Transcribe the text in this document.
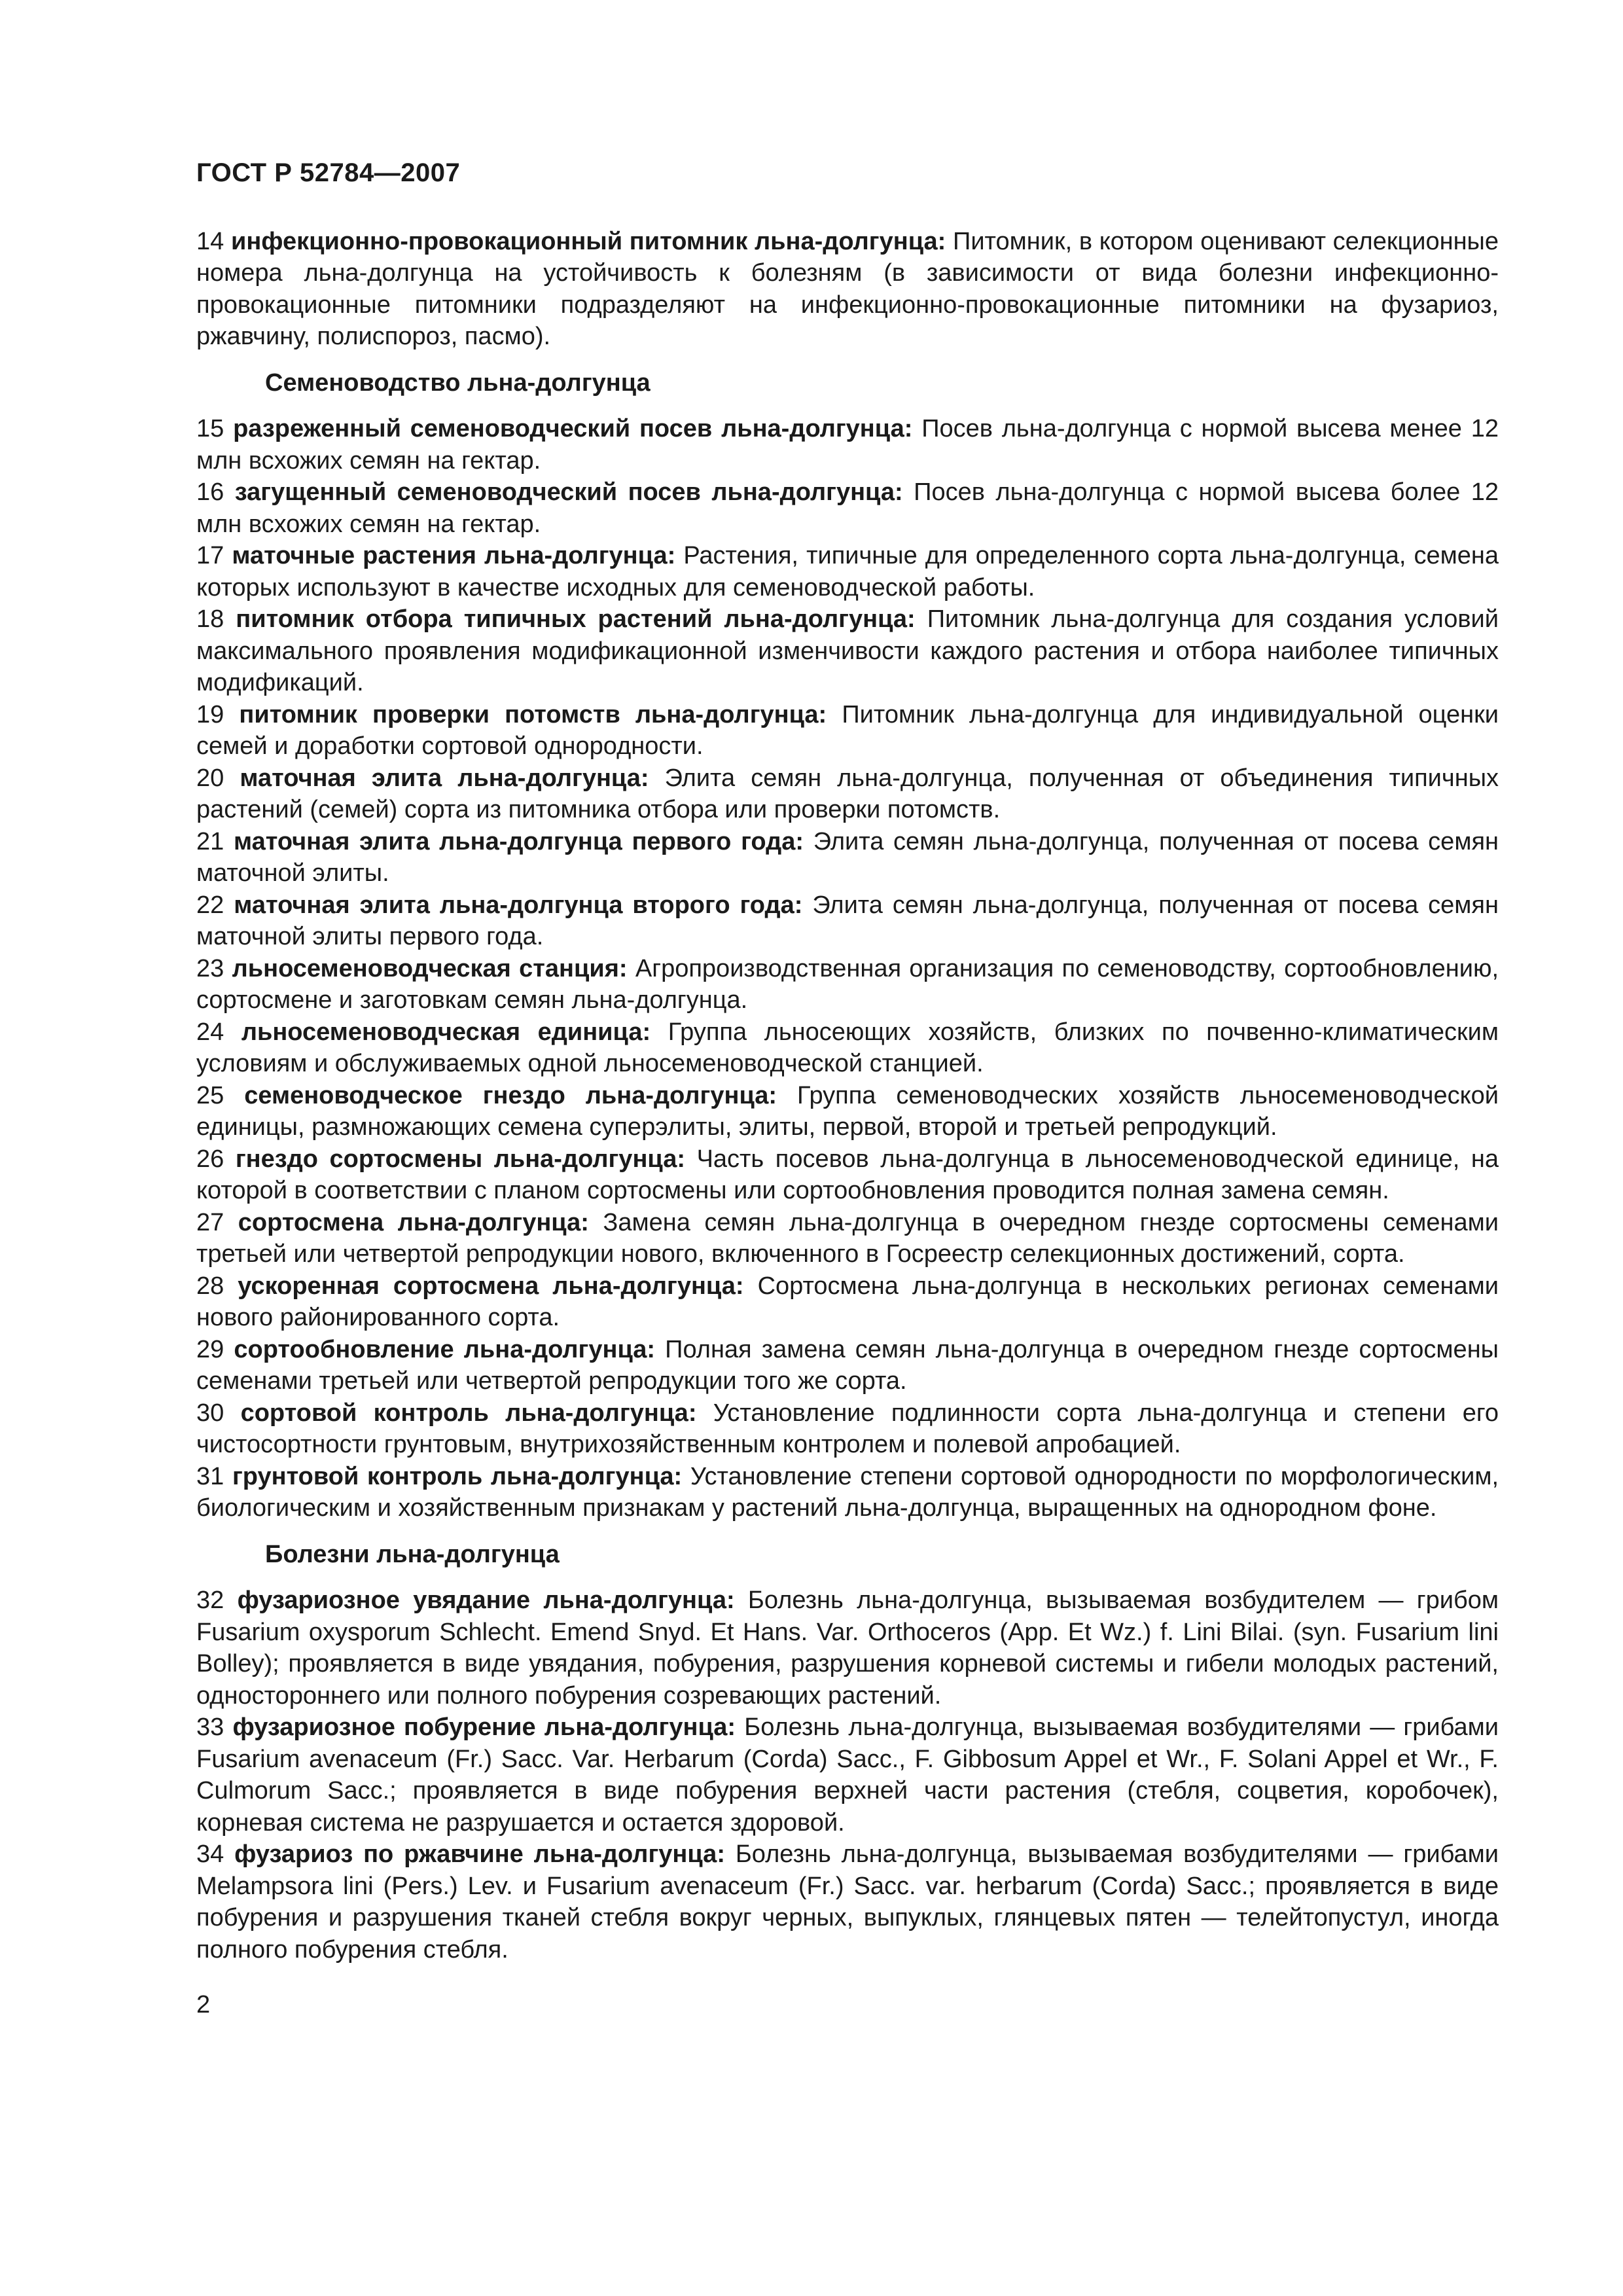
ГОСТ Р 52784—2007

14 инфекционно-провокационный питомник льна-долгунца: Питомник, в котором оценивают селекционные номера льна-долгунца на устойчивость к болезням (в зависимости от вида болезни инфекционно-провокационные питомники подразделяют на инфекционно-провокационные питомники на фузариоз, ржавчину, полиспороз, пасмо).

Семеноводство льна-долгунца

15 разреженный семеноводческий посев льна-долгунца: Посев льна-долгунца с нормой высева менее 12 млн всхожих семян на гектар.

16 загущенный семеноводческий посев льна-долгунца: Посев льна-долгунца с нормой высева более 12 млн всхожих семян на гектар.

17 маточные растения льна-долгунца: Растения, типичные для определенного сорта льна-долгунца, семена которых используют в качестве исходных для семеноводческой работы.

18 питомник отбора типичных растений льна-долгунца: Питомник льна-долгунца для создания условий максимального проявления модификационной изменчивости каждого растения и отбора наиболее типичных модификаций.

19 питомник проверки потомств льна-долгунца: Питомник льна-долгунца для индивидуальной оценки семей и доработки сортовой однородности.

20 маточная элита льна-долгунца: Элита семян льна-долгунца, полученная от объединения типичных растений (семей) сорта из питомника отбора или проверки потомств.

21 маточная элита льна-долгунца первого года: Элита семян льна-долгунца, полученная от посева семян маточной элиты.

22 маточная элита льна-долгунца второго года: Элита семян льна-долгунца, полученная от посева семян маточной элиты первого года.

23 льносеменоводческая станция: Агропроизводственная организация по семеноводству, сортообновлению, сортосмене и заготовкам семян льна-долгунца.

24 льносеменоводческая единица: Группа льносеющих хозяйств, близких по почвенно-климатическим условиям и обслуживаемых одной льносеменоводческой станцией.

25 семеноводческое гнездо льна-долгунца: Группа семеноводческих хозяйств льносеменоводческой единицы, размножающих семена суперэлиты, элиты, первой, второй и третьей репродукций.

26 гнездо сортосмены льна-долгунца: Часть посевов льна-долгунца в льносеменоводческой единице, на которой в соответствии с планом сортосмены или сортообновления проводится полная замена семян.

27 сортосмена льна-долгунца: Замена семян льна-долгунца в очередном гнезде сортосмены семенами третьей или четвертой репродукции нового, включенного в Госреестр селекционных достижений, сорта.

28 ускоренная сортосмена льна-долгунца: Сортосмена льна-долгунца в нескольких регионах семенами нового районированного сорта.

29 сортообновление льна-долгунца: Полная замена семян льна-долгунца в очередном гнезде сортосмены семенами третьей или четвертой репродукции того же сорта.

30 сортовой контроль льна-долгунца: Установление подлинности сорта льна-долгунца и степени его чистосортности грунтовым, внутрихозяйственным контролем и полевой апробацией.

31 грунтовой контроль льна-долгунца: Установление степени сортовой однородности по морфологическим, биологическим и хозяйственным признакам у растений льна-долгунца, выращенных на однородном фоне.

Болезни льна-долгунца

32 фузариозное увядание льна-долгунца: Болезнь льна-долгунца, вызываемая возбудителем — грибом Fusarium oxysporum Schlecht. Emend Snyd. Et Hans. Var. Orthoceros (App. Et Wz.) f. Lini Bilai. (syn. Fusarium lini Bolley); проявляется в виде увядания, побурения, разрушения корневой системы и гибели молодых растений, одностороннего или полного побурения созревающих растений.

33 фузариозное побурение льна-долгунца: Болезнь льна-долгунца, вызываемая возбудителями — грибами Fusarium avenaceum (Fr.) Sacc. Var. Herbarum (Corda) Sacc., F. Gibbosum Appel et Wr., F. Solani Appel et Wr., F. Culmorum Sacc.; проявляется в виде побурения верхней части растения (стебля, соцветия, коробочек), корневая система не разрушается и остается здоровой.

34 фузариоз по ржавчине льна-долгунца: Болезнь льна-долгунца, вызываемая возбудителями — грибами Melampsora lini (Pers.) Lev. и Fusarium avenaceum (Fr.) Sacc. var. herbarum (Corda) Sacc.; проявляется в виде побурения и разрушения тканей стебля вокруг черных, выпуклых, глянцевых пятен — телейтопустул, иногда полного побурения стебля.

2
